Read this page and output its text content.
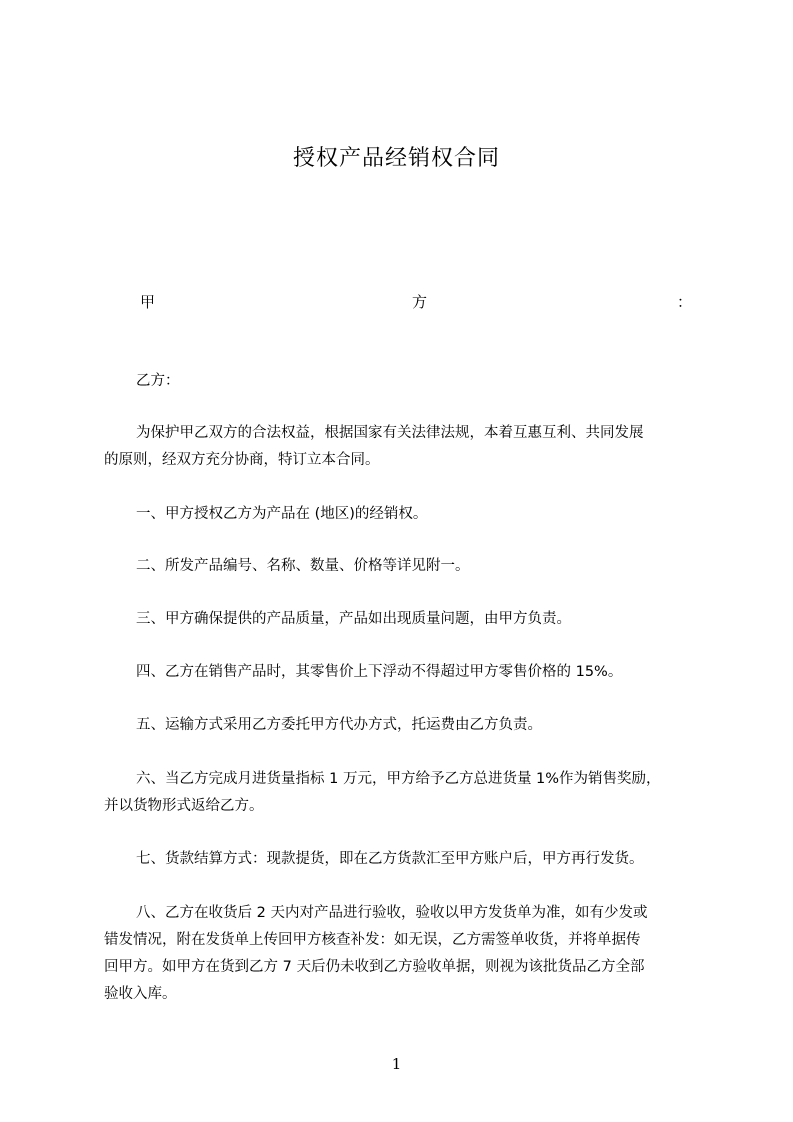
授权产品经销权合同
甲	方	：
乙方：
为保护甲乙双方的合法权益，根据国家有关法律法规，本着互惠互利、共同发展
的原则，经双方充分协商，特订立本合同。
一、甲方授权乙方为产品在 (地区)的经销权。
二、所发产品编号、名称、数量、价格等详见附一。
三、甲方确保提供的产品质量，产品如出现质量问题，由甲方负责。
四、乙方在销售产品时，其零售价上下浮动不得超过甲方零售价格的 15%。
五、运输方式采用乙方委托甲方代办方式，托运费由乙方负责。
六、当乙方完成月进货量指标 1 万元，甲方给予乙方总进货量 1%作为销售奖励，
并以货物形式返给乙方。
七、货款结算方式：现款提货，即在乙方货款汇至甲方账户后，甲方再行发货。
八、乙方在收货后 2 天内对产品进行验收，验收以甲方发货单为准，如有少发或
错发情况，附在发货单上传回甲方核查补发：如无误，乙方需签单收货，并将单据传
回甲方。如甲方在货到乙方 7 天后仍未收到乙方验收单据，则视为该批货品乙方全部
验收入库。
1
